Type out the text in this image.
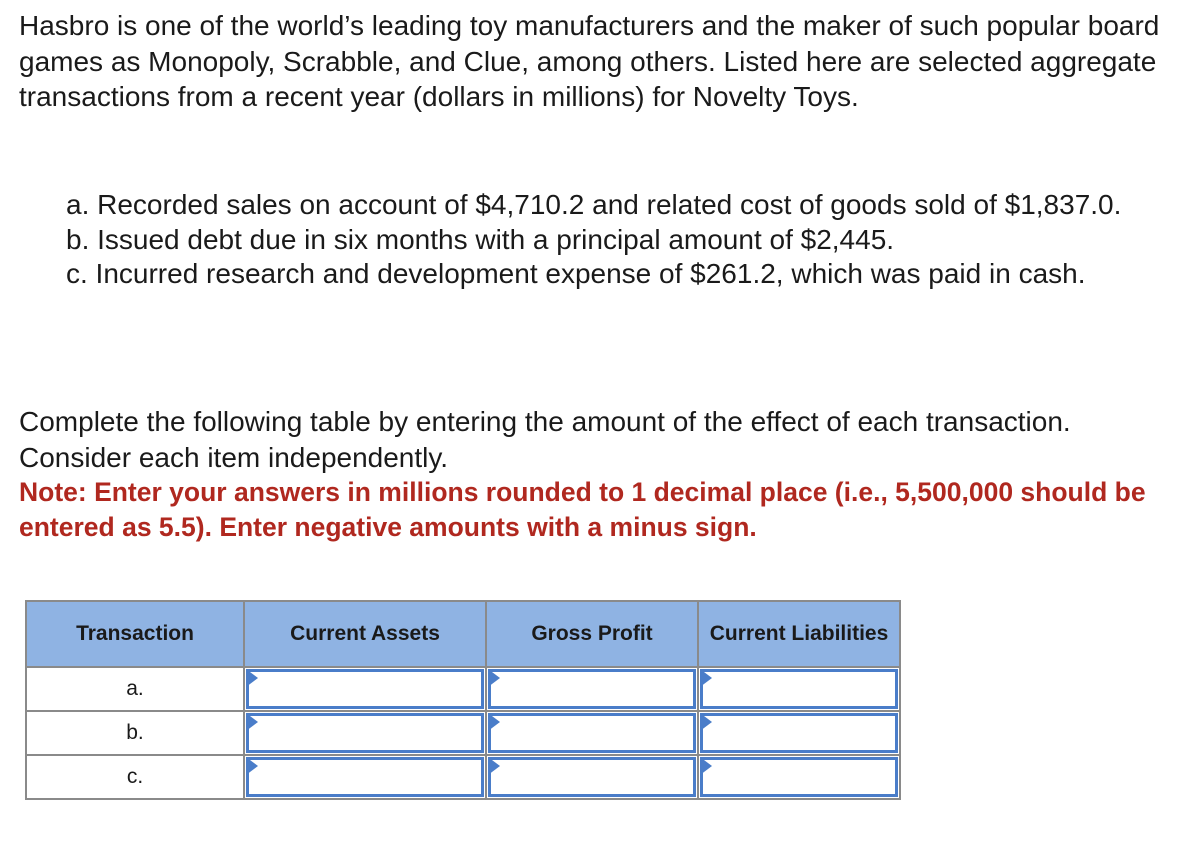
Hasbro is one of the world’s leading toy manufacturers and the maker of such popular board games as Monopoly, Scrabble, and Clue, among others. Listed here are selected aggregate transactions from a recent year (dollars in millions) for Novelty Toys.

a. Recorded sales on account of $4,710.2 and related cost of goods sold of $1,837.0.
b. Issued debt due in six months with a principal amount of $2,445.
c. Incurred research and development expense of $261.2, which was paid in cash.

Complete the following table by entering the amount of the effect of each transaction. Consider each item independently.

Note: Enter your answers in millions rounded to 1 decimal place (i.e., 5,500,000 should be entered as 5.5). Enter negative amounts with a minus sign.

Transaction	Current Assets	Gross Profit	Current Liabilities
a.	

b.	

c.	
